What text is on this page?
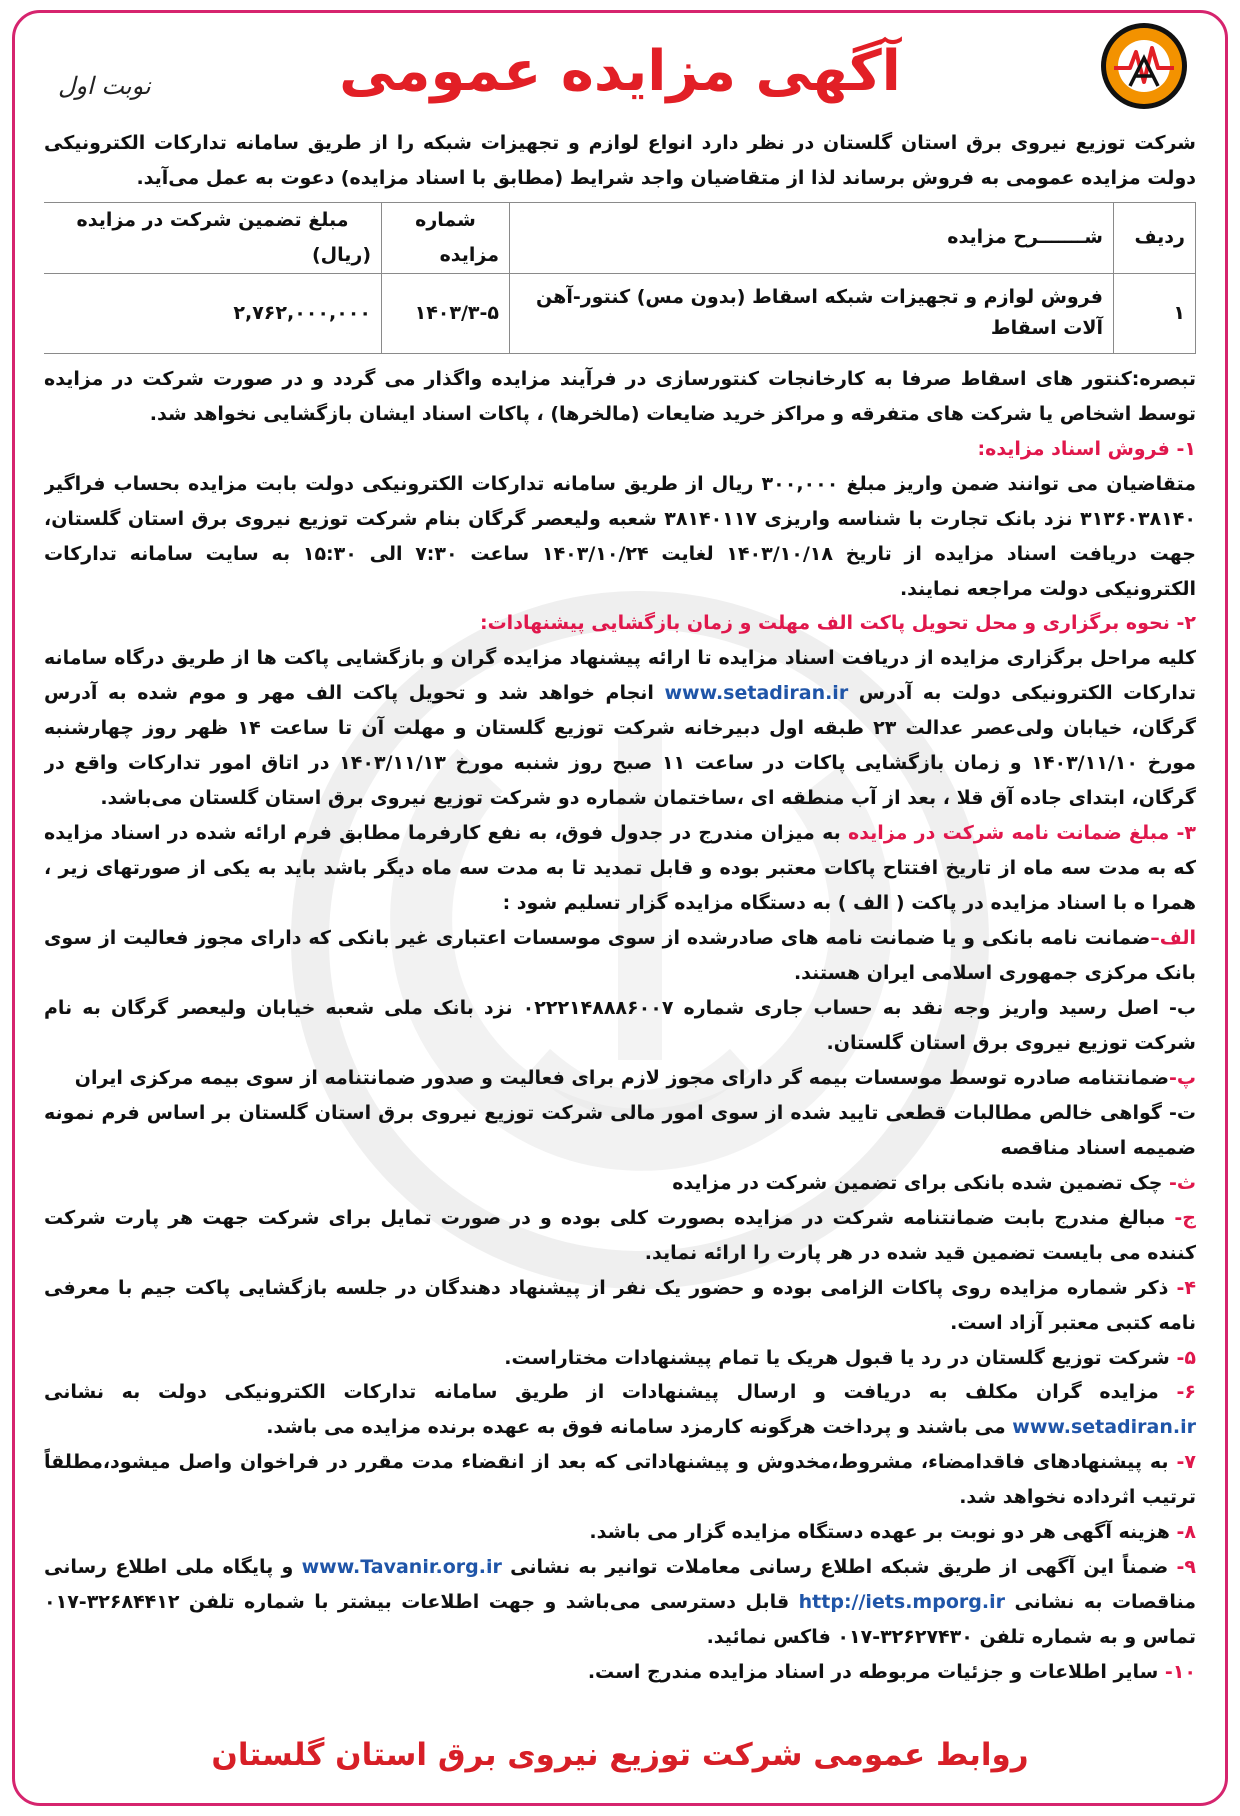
آگهی مزایده عمومی
نوبت اول

شرکت توزیع نیروی برق استان گلستان در نظر دارد انواع لوازم و تجهیزات شبکه را از طریق سامانه تدارکات الکترونیکی دولت مزایده عمومی به فروش برساند لذا از متقاضیان واجد شرایط (مطابق با اسناد مزایده) دعوت به عمل می‌آید.

ردیف	شـــــــرح مزایده	شماره مزایده	مبلغ تضمین شرکت در مزایده (ریال)
۱	فروش لوازم و تجهیزات شبکه اسقاط (بدون مس) کنتور-آهن آلات اسقاط	۱۴۰۳/۳-۵	۲,۷۶۲,۰۰۰,۰۰۰

تبصره:کنتور های اسقاط صرفا به کارخانجات کنتورسازی در فرآیند مزایده واگذار می گردد و در صورت شرکت در مزایده توسط اشخاص یا شرکت های متفرقه و مراکز خرید ضایعات (مالخرها) ، پاکات اسناد ایشان بازگشایی نخواهد شد.

۱- فروش اسناد مزایده:

متقاضیان می توانند ضمن واریز مبلغ ۳۰۰,۰۰۰ ریال از طریق سامانه تدارکات الکترونیکی دولت بابت مزایده بحساب فراگیر ۳۱۳۶۰۳۸۱۴۰ نزد بانک تجارت با شناسه واریزی ۳۸۱۴۰۱۱۷ شعبه ولیعصر گرگان بنام شرکت توزیع نیروی برق استان گلستان، جهت دریافت اسناد مزایده از تاریخ ۱۴۰۳/۱۰/۱۸ لغایت ۱۴۰۳/۱۰/۲۴ ساعت ۷:۳۰ الی ۱۵:۳۰ به سایت سامانه تدارکات الکترونیکی دولت مراجعه نمایند.

۲- نحوه برگزاری و محل تحویل پاکت الف مهلت و زمان بازگشایی پیشنهادات:

کلیه مراحل برگزاری مزایده از دریافت اسناد مزایده تا ارائه پیشنهاد مزایده گران و بازگشایی پاکت ها از طریق درگاه سامانه تدارکات الکترونیکی دولت به آدرس www.setadiran.ir انجام خواهد شد و تحویل پاکت الف مهر و موم شده به آدرس گرگان، خیابان ولی‌عصر عدالت ۲۳ طبقه اول دبیرخانه شرکت توزیع گلستان و مهلت آن تا ساعت ۱۴ ظهر روز چهارشنبه مورخ ۱۴۰۳/۱۱/۱۰ و زمان بازگشایی پاکات در ساعت ۱۱ صبح روز شنبه مورخ ۱۴۰۳/۱۱/۱۳ در اتاق امور تدارکات واقع در گرگان، ابتدای جاده آق قلا ، بعد از آب منطقه ای ،ساختمان شماره دو شرکت توزیع نیروی برق استان گلستان می‌باشد.

۳- مبلغ ضمانت نامه شرکت در مزایده به میزان مندرج در جدول فوق، به نفع کارفرما مطابق فرم ارائه شده در اسناد مزایده که به مدت سه ماه از تاریخ افتتاح پاکات معتبر بوده و قابل تمدید تا به مدت سه ماه دیگر باشد باید به یکی از صورتهای زیر ، همرا ه با اسناد مزایده در پاکت ( الف ) به دستگاه مزایده گزار تسلیم شود :

الف–ضمانت نامه بانکی و یا ضمانت نامه های صادرشده از سوی موسسات اعتباری غیر بانکی که دارای مجوز فعالیت از سوی بانک مرکزی جمهوری اسلامی ایران هستند.

ب- اصل رسید واریز وجه نقد به حساب جاری شماره ۰۲۲۲۱۴۸۸۸۶۰۰۷ نزد بانک ملی شعبه خیابان ولیعصر گرگان به نام شرکت توزیع نیروی برق استان گلستان.

پ-ضمانتنامه صادره توسط موسسات بیمه گر دارای مجوز لازم برای فعالیت و صدور ضمانتنامه از سوی بیمه مرکزی ایران

ت- گواهی خالص مطالبات قطعی تایید شده از سوی امور مالی شرکت توزیع نیروی برق استان گلستان بر اساس فرم نمونه ضمیمه اسناد مناقصه

ث- چک تضمین شده بانکی برای تضمین شرکت در مزایده

ج- مبالغ مندرج بابت ضمانتنامه شرکت در مزایده بصورت کلی بوده و در صورت تمایل برای شرکت جهت هر پارت شرکت کننده می بایست تضمین قید شده در هر پارت را ارائه نماید.

۴- ذکر شماره مزایده روی پاکات الزامی بوده و حضور یک نفر از پیشنهاد دهندگان در جلسه بازگشایی پاکت جیم با معرفی نامه کتبی معتبر آزاد است.

۵- شرکت توزیع گلستان در رد یا قبول هریک یا تمام پیشنهادات مختاراست.

۶- مزایده گران مکلف به دریافت و ارسال پیشنهادات از طریق سامانه تدارکات الکترونیکی دولت به نشانی www.setadiran.ir می باشند و پرداخت هرگونه کارمزد سامانه فوق به عهده برنده مزایده می باشد.

۷- به پیشنهادهای فاقدامضاء، مشروط،مخدوش و پیشنهاداتی که بعد از انقضاء مدت مقرر در فراخوان واصل میشود،مطلقاً ترتیب اثرداده نخواهد شد.

۸- هزینه آگهی هر دو نوبت بر عهده دستگاه مزایده گزار می باشد.

۹- ضمناً این آگهی از طریق شبکه اطلاع رسانی معاملات توانیر به نشانی www.Tavanir.org.ir و پایگاه ملی اطلاع رسانی مناقصات به نشانی http://iets.mporg.ir قابل دسترسی می‌باشد و جهت اطلاعات بیشتر با شماره تلفن ۳۲۶۸۴۴۱۲-۰۱۷ تماس و به شماره تلفن ۳۲۶۲۷۴۳۰-۰۱۷ فاکس نمائید.

۱۰- سایر اطلاعات و جزئیات مربوطه در اسناد مزایده مندرج است.

روابط عمومی شرکت توزیع نیروی برق استان گلستان
